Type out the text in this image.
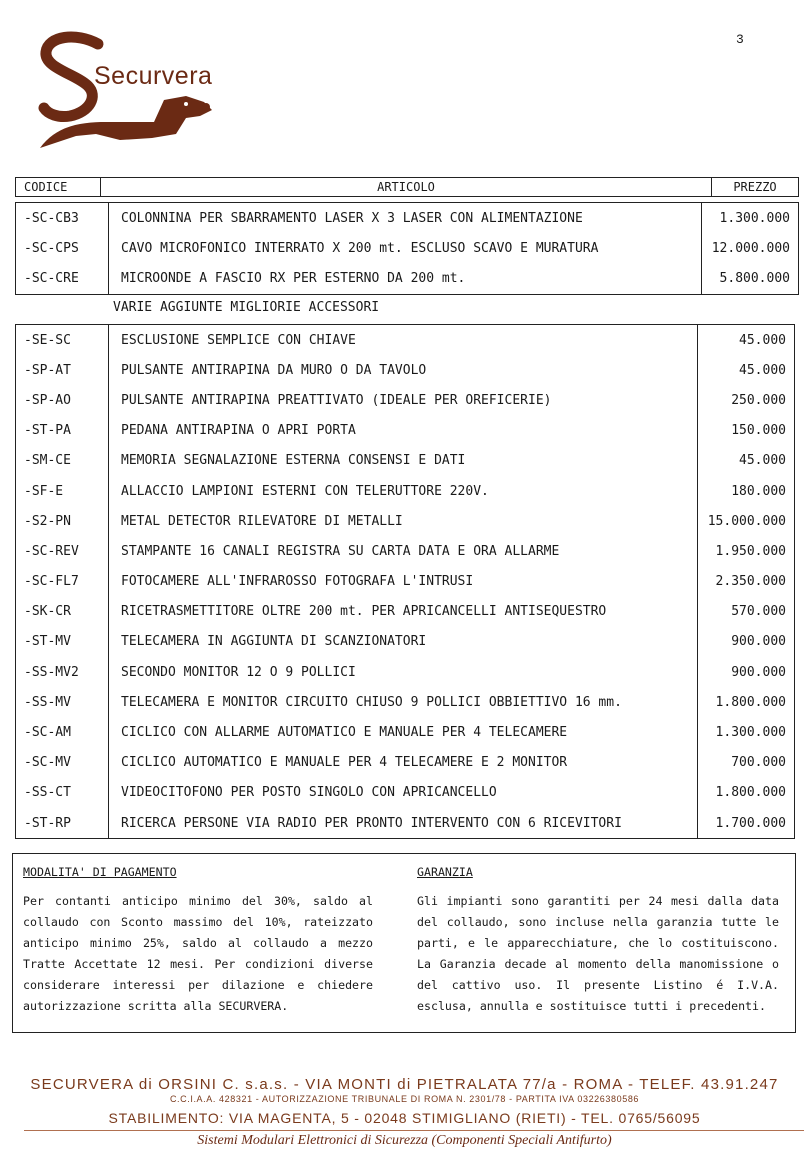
3
Securvera
CODICE	ARTICOLO	PREZZO
-SC-CB3	COLONNINA PER SBARRAMENTO LASER X 3 LASER CON ALIMENTAZIONE	1.300.000
-SC-CPS	CAVO MICROFONICO INTERRATO X 200 mt. ESCLUSO SCAVO E MURATURA	12.000.000
-SC-CRE	MICROONDE A FASCIO RX PER ESTERNO DA 200 mt.	5.800.000
VARIE AGGIUNTE MIGLIORIE ACCESSORI
-SE-SC	ESCLUSIONE SEMPLICE CON CHIAVE	45.000
-SP-AT	PULSANTE ANTIRAPINA DA MURO O DA TAVOLO	45.000
-SP-AO	PULSANTE ANTIRAPINA PREATTIVATO (IDEALE PER OREFICERIE)	250.000
-ST-PA	PEDANA ANTIRAPINA O APRI PORTA	150.000
-SM-CE	MEMORIA SEGNALAZIONE ESTERNA CONSENSI E DATI	45.000
-SF-E	ALLACCIO LAMPIONI ESTERNI CON TELERUTTORE 220V.	180.000
-S2-PN	METAL DETECTOR RILEVATORE DI METALLI	15.000.000
-SC-REV	STAMPANTE 16 CANALI REGISTRA SU CARTA DATA E ORA ALLARME	1.950.000
-SC-FL7	FOTOCAMERE ALL'INFRAROSSO FOTOGRAFA L'INTRUSI	2.350.000
-SK-CR	RICETRASMETTITORE OLTRE 200 mt. PER APRICANCELLI ANTISEQUESTRO	570.000
-ST-MV	TELECAMERA IN AGGIUNTA DI SCANZIONATORI	900.000
-SS-MV2	SECONDO MONITOR 12 O 9 POLLICI	900.000
-SS-MV	TELECAMERA E MONITOR CIRCUITO CHIUSO 9 POLLICI OBBIETTIVO 16 mm.	1.800.000
-SC-AM	CICLICO CON ALLARME AUTOMATICO E MANUALE PER 4 TELECAMERE	1.300.000
-SC-MV	CICLICO AUTOMATICO E MANUALE PER 4 TELECAMERE E 2 MONITOR	700.000
-SS-CT	VIDEOCITOFONO PER POSTO SINGOLO CON APRICANCELLO	1.800.000
-ST-RP	RICERCA PERSONE VIA RADIO PER PRONTO INTERVENTO CON 6 RICEVITORI	1.700.000
MODALITA' DI PAGAMENTO

Per contanti anticipo minimo del 30%, saldo al collaudo con Sconto massimo del 10%, rateizzato anticipo minimo 25%, saldo al collaudo a mezzo Tratte Accettate 12 mesi. Per condizioni diverse considerare interessi per dilazione e chiedere autorizzazione scritta alla SECURVERA.

GARANZIA

Gli impianti sono garantiti per 24 mesi dalla data del collaudo, sono incluse nella garanzia tutte le parti, e le apparecchiature, che lo costituiscono. La Garanzia decade al momento della manomissione o del cattivo uso. Il presente Listino é I.V.A. esclusa, annulla e sostituisce tutti i precedenti.

SECURVERA di ORSINI C. s.a.s. - VIA MONTI di PIETRALATA 77/a - ROMA - TELEF. 43.91.247
C.C.I.A.A. 428321 - AUTORIZZAZIONE TRIBUNALE DI ROMA N. 2301/78 - PARTITA IVA 03226380586
STABILIMENTO: VIA MAGENTA, 5 - 02048 STIMIGLIANO (RIETI) - TEL. 0765/56095
Sistemi Modulari Elettronici di Sicurezza (Componenti Speciali Antifurto)
